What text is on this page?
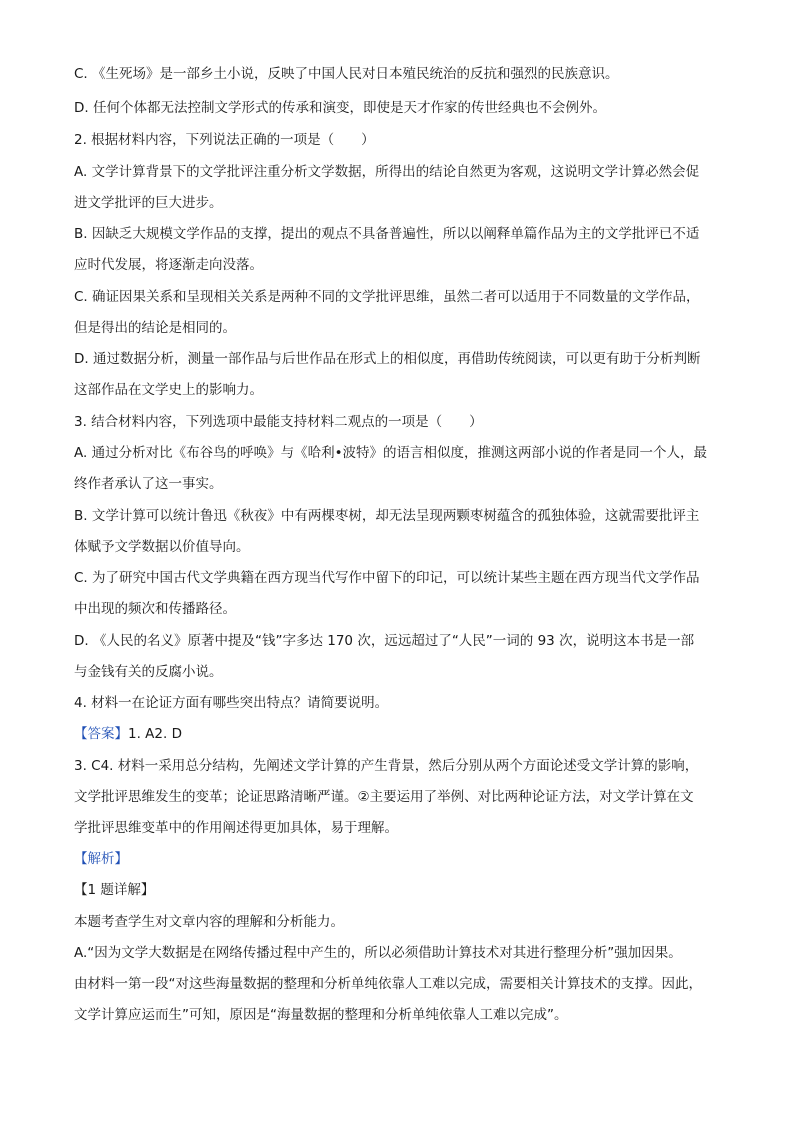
C. 《生死场》是一部乡土小说，反映了中国人民对日本殖民统治的反抗和强烈的民族意识。
D. 任何个体都无法控制文学形式的传承和演变，即使是天才作家的传世经典也不会例外。
2. 根据材料内容，下列说法正确的一项是（　　）
A. 文学计算背景下的文学批评注重分析文学数据，所得出的结论自然更为客观，这说明文学计算必然会促
进文学批评的巨大进步。
B. 因缺乏大规模文学作品的支撑，提出的观点不具备普遍性，所以以阐释单篇作品为主的文学批评已不适
应时代发展，将逐渐走向没落。
C. 确证因果关系和呈现相关关系是两种不同的文学批评思维，虽然二者可以适用于不同数量的文学作品，
但是得出的结论是相同的。
D. 通过数据分析，测量一部作品与后世作品在形式上的相似度，再借助传统阅读，可以更有助于分析判断
这部作品在文学史上的影响力。
3. 结合材料内容，下列选项中最能支持材料二观点的一项是（　　）
A. 通过分析对比《布谷鸟的呼唤》与《哈利•波特》的语言相似度，推测这两部小说的作者是同一个人，最
终作者承认了这一事实。
B. 文学计算可以统计鲁迅《秋夜》中有两棵枣树，却无法呈现两颗枣树蕴含的孤独体验，这就需要批评主
体赋予文学数据以价值导向。
C. 为了研究中国古代文学典籍在西方现当代写作中留下的印记，可以统计某些主题在西方现当代文学作品
中出现的频次和传播路径。
D. 《人民的名义》原著中提及“钱”字多达 170 次，远远超过了“人民”一词的 93 次，说明这本书是一部
与金钱有关的反腐小说。
4. 材料一在论证方面有哪些突出特点？请简要说明。
【答案】1. A2. D
3. C4. 材料一采用总分结构，先阐述文学计算的产生背景，然后分别从两个方面论述受文学计算的影响，
文学批评思维发生的变革；论证思路清晰严谨。②主要运用了举例、对比两种论证方法，对文学计算在文
学批评思维变革中的作用阐述得更加具体，易于理解。
【解析】
【1 题详解】
本题考查学生对文章内容的理解和分析能力。
A.“因为文学大数据是在网络传播过程中产生的，所以必须借助计算技术对其进行整理分析”强加因果。
由材料一第一段“对这些海量数据的整理和分析单纯依靠人工难以完成，需要相关计算技术的支撑。因此，
文学计算应运而生”可知，原因是“海量数据的整理和分析单纯依靠人工难以完成”。
